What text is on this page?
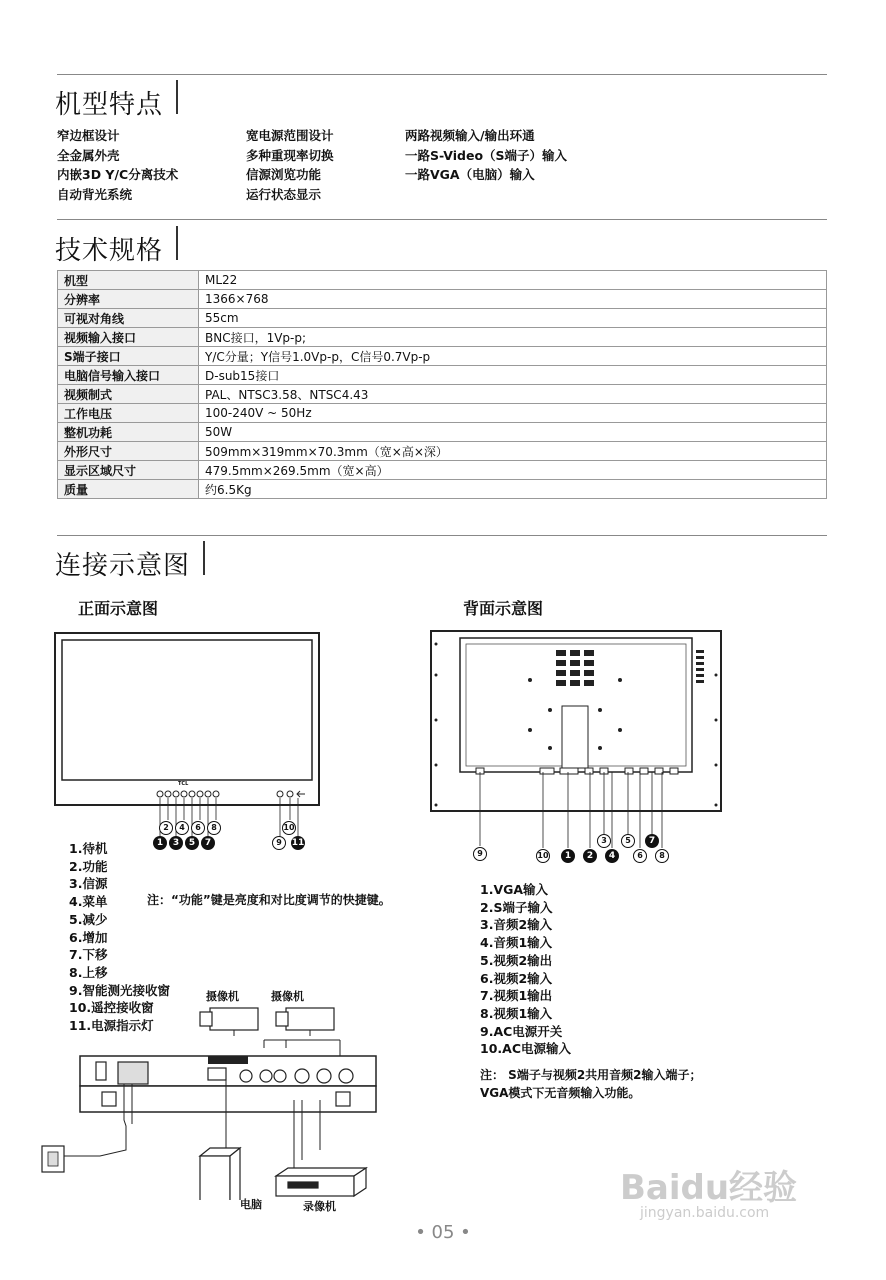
机型特点
窄边框设计
全金属外壳
内嵌3D Y/C分离技术
自动背光系统
宽电源范围设计
多种重现率切换
信源浏览功能
运行状态显示
两路视频输入/输出环通
一路S-Video（S端子）输入
一路VGA（电脑）输入
技术规格
机型	ML22
分辨率	1366×768
可视对角线	55cm
视频输入接口	BNC接口，1Vp-p;
S端子接口	Y/C分量；Y信号1.0Vp-p，C信号0.7Vp-p
电脑信号输入接口	D-sub15接口
视频制式	PAL、NTSC3.58、NTSC4.43
工作电压	100-240V ~ 50Hz
整机功耗	50W
外形尺寸	509mm×319mm×70.3mm（宽×高×深）
显示区域尺寸	479.5mm×269.5mm（宽×高）
质量	约6.5Kg
连接示意图
正面示意图	背面示意图
TCL
2	4	6	8
1	3	5	7
10
9	11
1.待机
2.功能
3.信源
4.菜单
5.减少
6.增加
7.下移
8.上移
9.智能测光接收窗
10.遥控接收窗
11.电源指示灯
注：“功能”键是亮度和对比度调节的快捷键。
9	10	1	2	4	6	8
3	5	7
1.VGA输入
2.S端子输入
3.音频2输入
4.音频1输入
5.视频2输出
6.视频2输入
7.视频1输出
8.视频1输入
9.AC电源开关
10.AC电源输入
注： S端子与视频2共用音频2输入端子；
VGA模式下无音频输入功能。
摄像机	摄像机
电脑	录像机
• 05 •
Baidu经验
jingyan.baidu.com
